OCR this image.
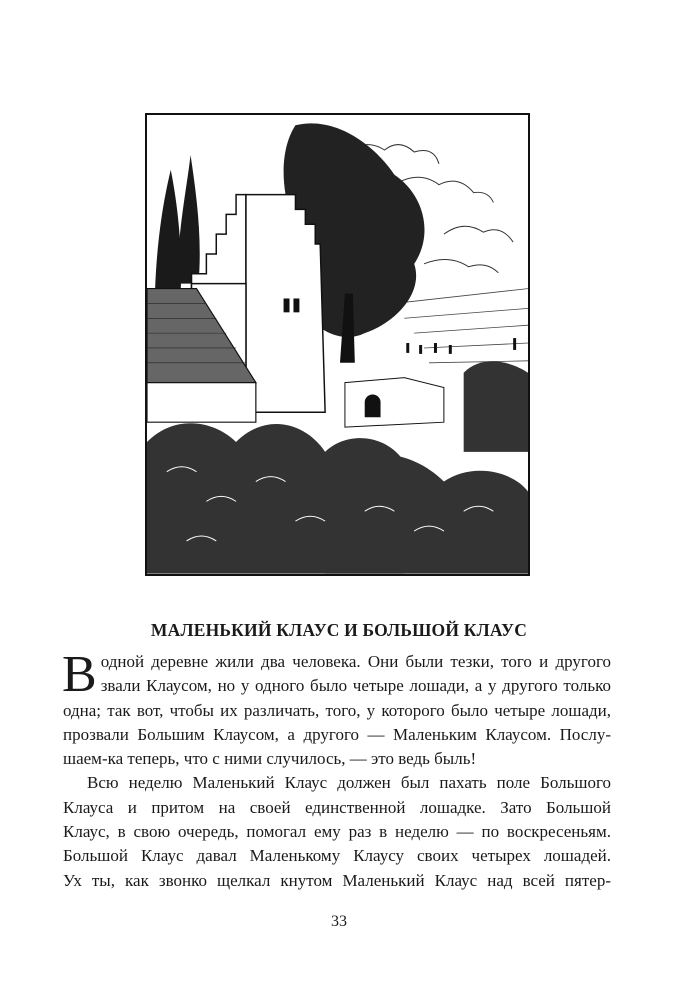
МАЛЕНЬКИЙ КЛАУС И БОЛЬШОЙ КЛАУС
В одной деревне жили два человека. Они были тезки, того и другого
звали Клаусом, но у одного было четыре лошади, а у другого только
одна; так вот, чтобы их различать, того, у которого было четыре лошади,
прозвали Большим Клаусом, а другого — Маленьким Клаусом. Послу-
шаем-ка теперь, что с ними случилось, — это ведь быль!
Всю неделю Маленький Клаус должен был пахать поле Большого
Клауса и притом на своей единственной лошадке. Зато Большой
Клаус, в свою очередь, помогал ему раз в неделю — по воскресеньям.
Большой Клаус давал Маленькому Клаусу своих четырех лошадей.
Ух ты, как звонко щелкал кнутом Маленький Клаус над всей пятер-
33
